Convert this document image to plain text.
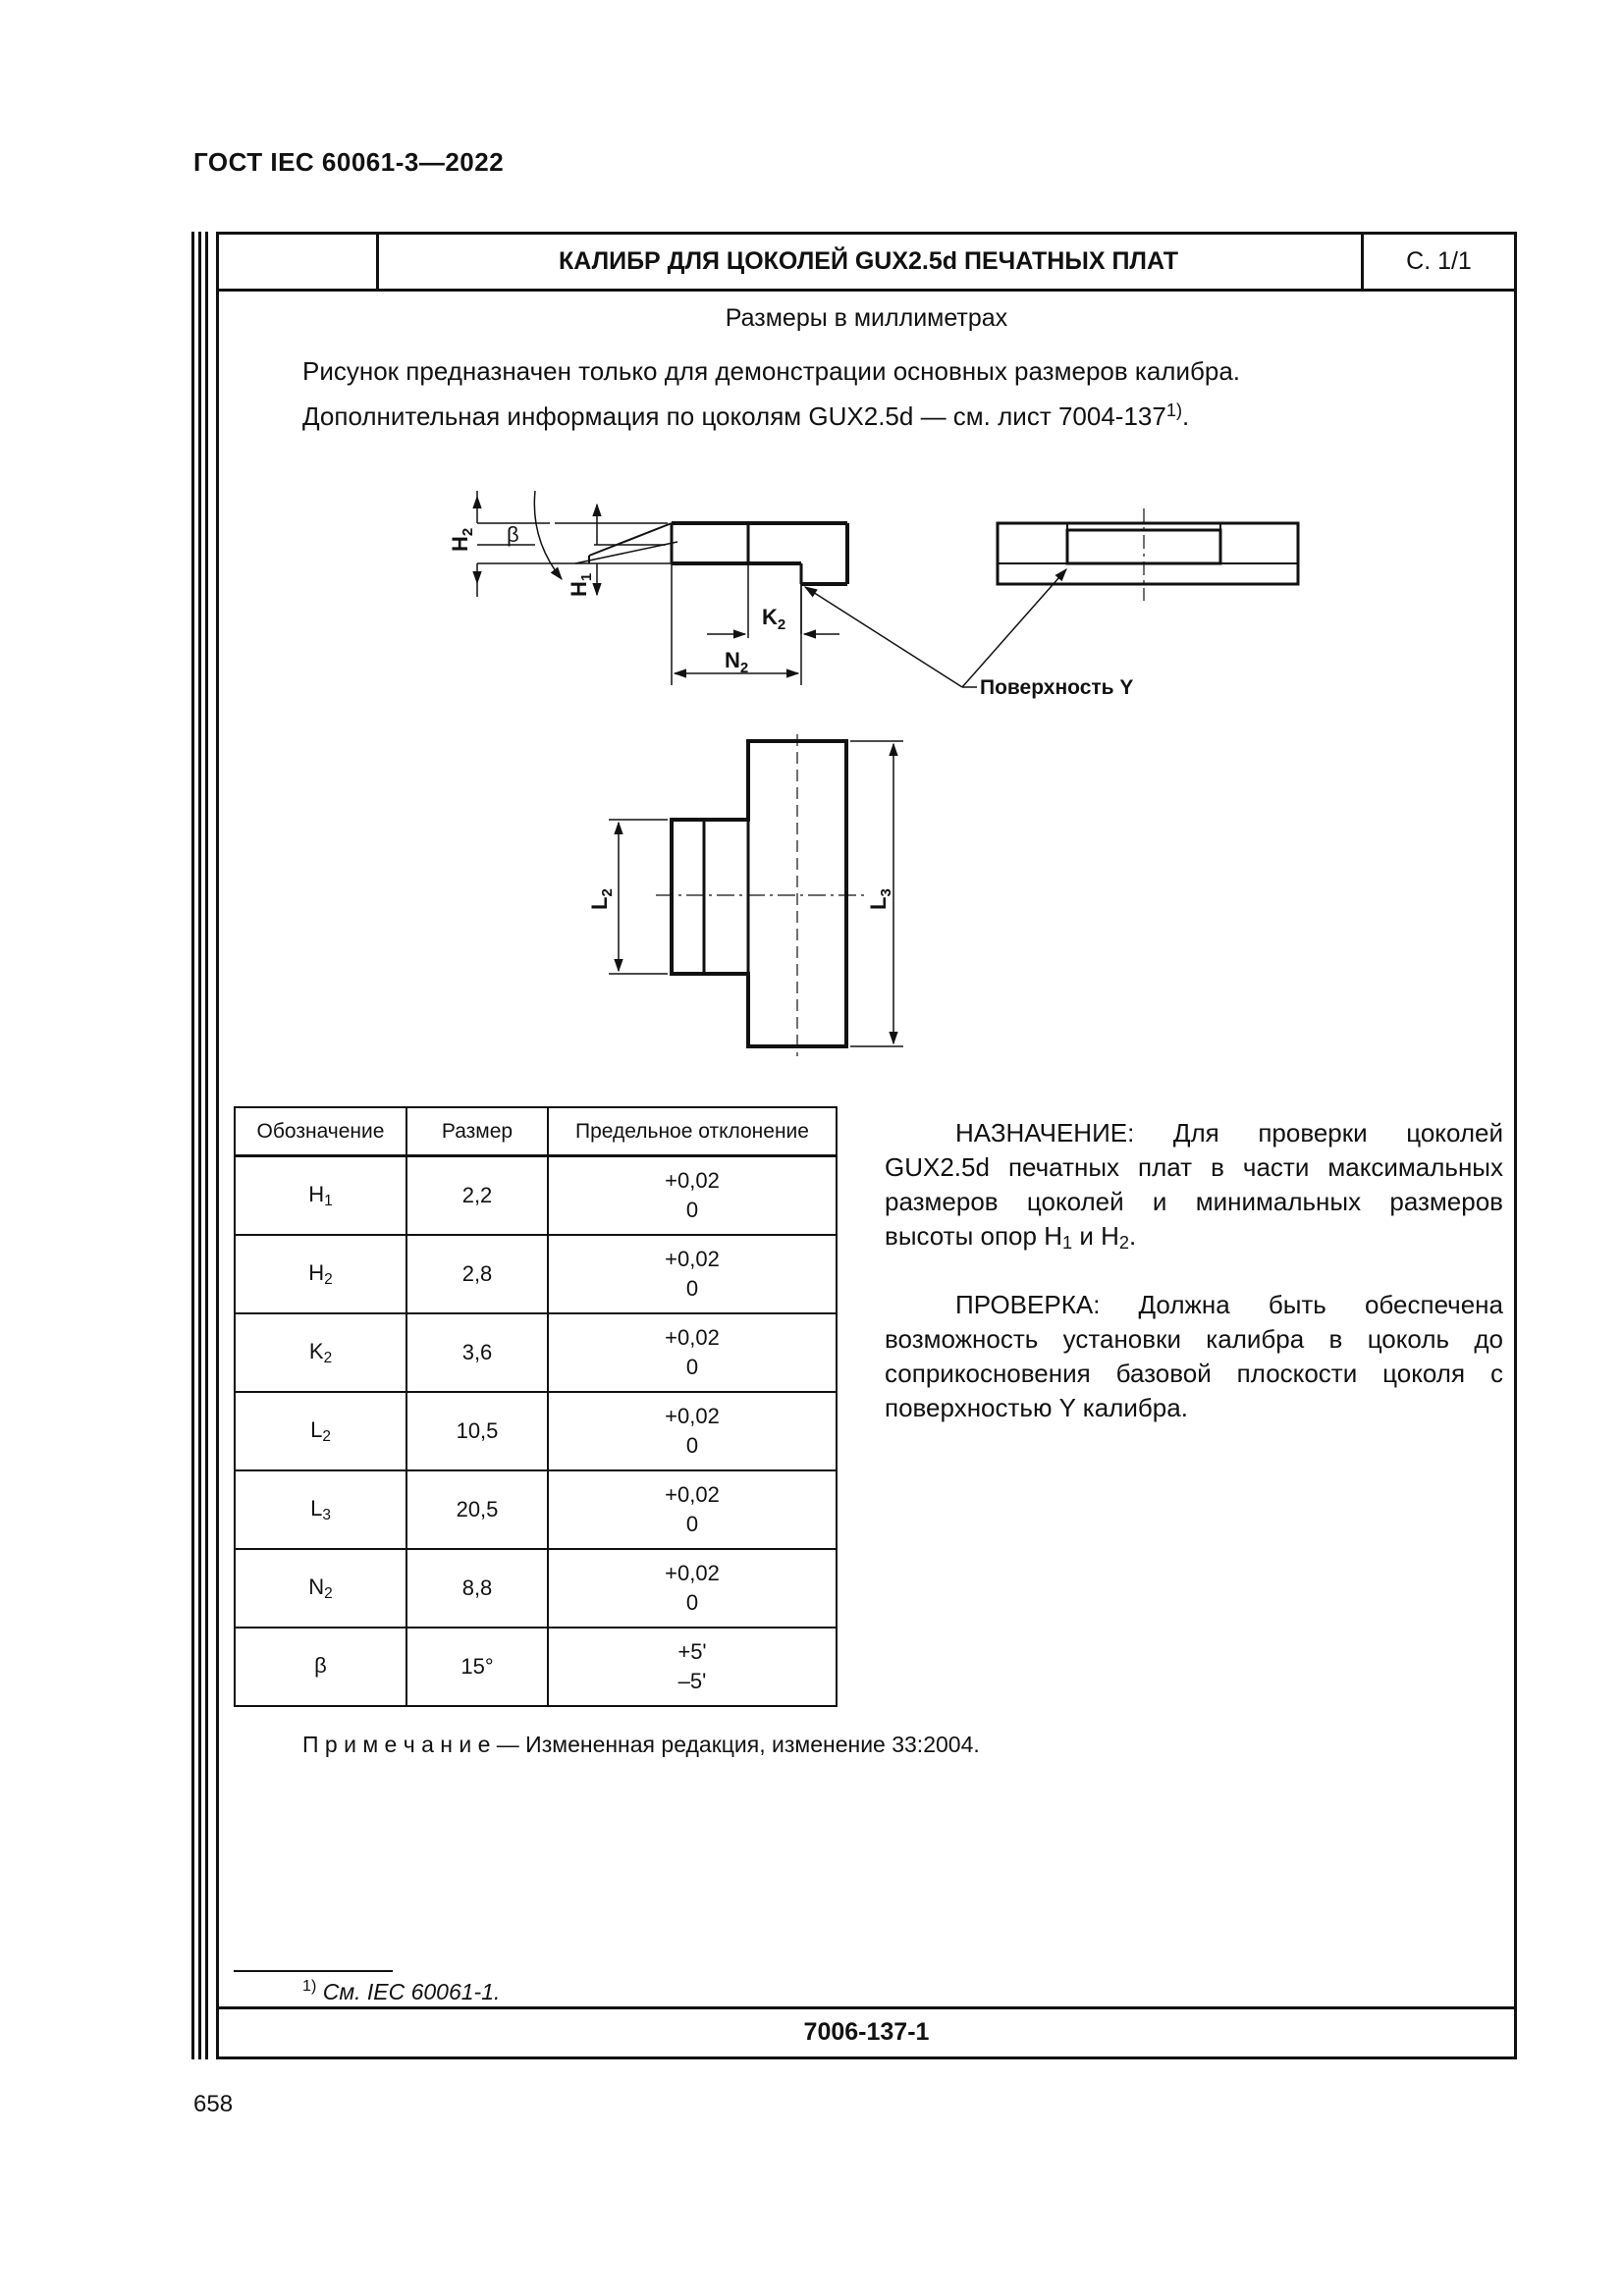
ГОСТ IEC 60061-3—2022
КАЛИБР ДЛЯ ЦОКОЛЕЙ GUX2.5d ПЕЧАТНЫХ ПЛАТ	С. 1/1
7006-137-1
Размеры в миллиметрах
Рисунок предназначен только для демонстрации основных размеров калибра.
Дополнительная информация по цоколям GUX2.5d — см. лист 7004-137$^{1)}$.
$H_2$ β
$H_1$
$K_2$
$N_2$
Поверхность Y
$L_2$
$L_3$
Обозначение	Размер	Предельное отклонение
$H_1$	2,2	+0,02
0

$H_2$	2,8	+0,02
0

$K_2$	3,6	+0,02
0

$L_2$	10,5	+0,02
0

$L_3$	20,5	+0,02
0

$N_2$	8,8	+0,02
0

β	15°	+5'
–5'

НАЗНАЧЕНИЕ: Для проверки цоколей GUX2.5d печатных плат в части максимальных размеров цоколей и минимальных размеров высоты опор $H_1$ и $H_2$.

ПРОВЕРКА: Должна быть обеспечена возможность установки калибра в цоколь до соприкосновения базовой плоскости цоколя с поверхностью Y калибра.

П р и м е ч а н и е — Измененная редакция, изменение 33:2004.
$^{1)}$ См. IEC 60061-1.
658
